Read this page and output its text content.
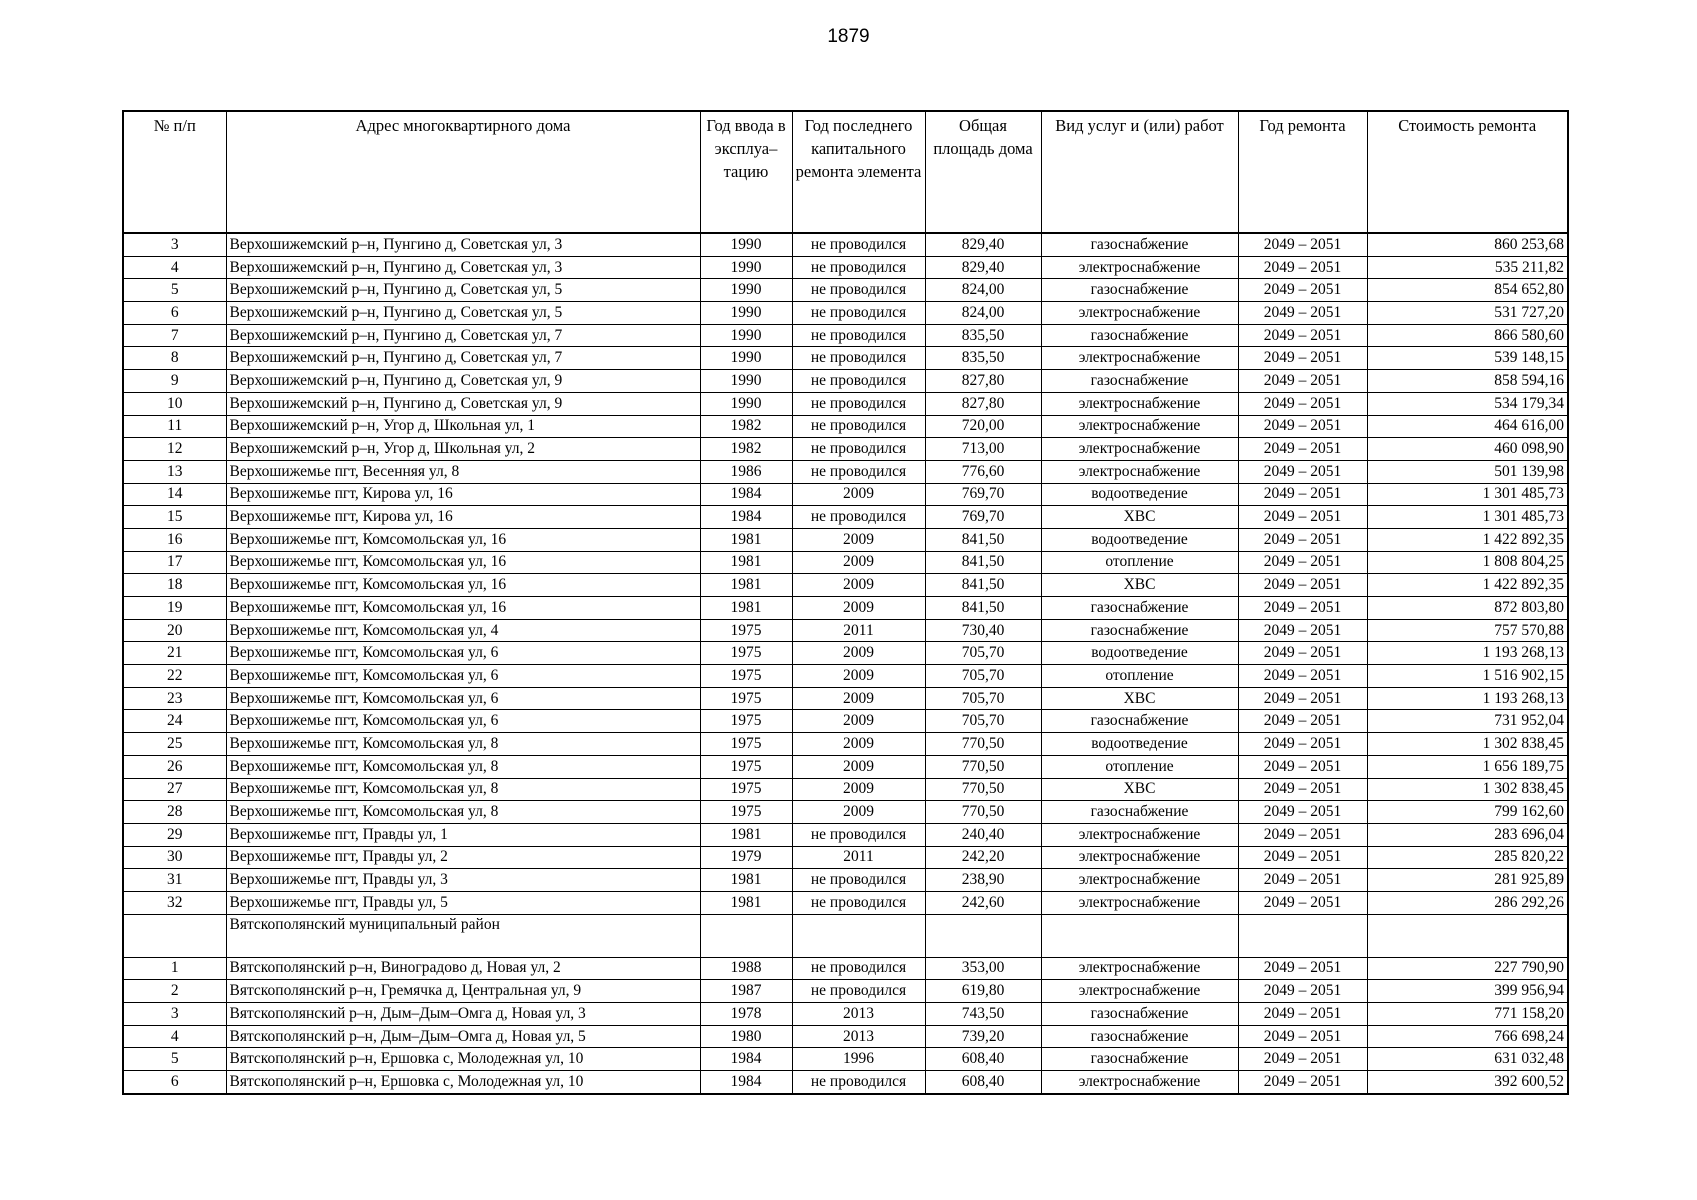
1879
№ п/п	Адрес многоквартирного дома	Год ввода в эксплуа–тацию	Год последнего капитального ремонта элемента	Общая площадь дома	Вид услуг и (или) работ	Год ремонта	Стоимость ремонта
3	Верхошижемский р–н, Пунгино д, Советская ул, 3	1990	не проводился	829,40	газоснабжение	2049 – 2051	860 253,68
4	Верхошижемский р–н, Пунгино д, Советская ул, 3	1990	не проводился	829,40	электроснабжение	2049 – 2051	535 211,82
5	Верхошижемский р–н, Пунгино д, Советская ул, 5	1990	не проводился	824,00	газоснабжение	2049 – 2051	854 652,80
6	Верхошижемский р–н, Пунгино д, Советская ул, 5	1990	не проводился	824,00	электроснабжение	2049 – 2051	531 727,20
7	Верхошижемский р–н, Пунгино д, Советская ул, 7	1990	не проводился	835,50	газоснабжение	2049 – 2051	866 580,60
8	Верхошижемский р–н, Пунгино д, Советская ул, 7	1990	не проводился	835,50	электроснабжение	2049 – 2051	539 148,15
9	Верхошижемский р–н, Пунгино д, Советская ул, 9	1990	не проводился	827,80	газоснабжение	2049 – 2051	858 594,16
10	Верхошижемский р–н, Пунгино д, Советская ул, 9	1990	не проводился	827,80	электроснабжение	2049 – 2051	534 179,34
11	Верхошижемский р–н, Угор д, Школьная ул, 1	1982	не проводился	720,00	электроснабжение	2049 – 2051	464 616,00
12	Верхошижемский р–н, Угор д, Школьная ул, 2	1982	не проводился	713,00	электроснабжение	2049 – 2051	460 098,90
13	Верхошижемье пгт, Весенняя ул, 8	1986	не проводился	776,60	электроснабжение	2049 – 2051	501 139,98
14	Верхошижемье пгт, Кирова ул, 16	1984	2009	769,70	водоотведение	2049 – 2051	1 301 485,73
15	Верхошижемье пгт, Кирова ул, 16	1984	не проводился	769,70	ХВС	2049 – 2051	1 301 485,73
16	Верхошижемье пгт, Комсомольская ул, 16	1981	2009	841,50	водоотведение	2049 – 2051	1 422 892,35
17	Верхошижемье пгт, Комсомольская ул, 16	1981	2009	841,50	отопление	2049 – 2051	1 808 804,25
18	Верхошижемье пгт, Комсомольская ул, 16	1981	2009	841,50	ХВС	2049 – 2051	1 422 892,35
19	Верхошижемье пгт, Комсомольская ул, 16	1981	2009	841,50	газоснабжение	2049 – 2051	872 803,80
20	Верхошижемье пгт, Комсомольская ул, 4	1975	2011	730,40	газоснабжение	2049 – 2051	757 570,88
21	Верхошижемье пгт, Комсомольская ул, 6	1975	2009	705,70	водоотведение	2049 – 2051	1 193 268,13
22	Верхошижемье пгт, Комсомольская ул, 6	1975	2009	705,70	отопление	2049 – 2051	1 516 902,15
23	Верхошижемье пгт, Комсомольская ул, 6	1975	2009	705,70	ХВС	2049 – 2051	1 193 268,13
24	Верхошижемье пгт, Комсомольская ул, 6	1975	2009	705,70	газоснабжение	2049 – 2051	731 952,04
25	Верхошижемье пгт, Комсомольская ул, 8	1975	2009	770,50	водоотведение	2049 – 2051	1 302 838,45
26	Верхошижемье пгт, Комсомольская ул, 8	1975	2009	770,50	отопление	2049 – 2051	1 656 189,75
27	Верхошижемье пгт, Комсомольская ул, 8	1975	2009	770,50	ХВС	2049 – 2051	1 302 838,45
28	Верхошижемье пгт, Комсомольская ул, 8	1975	2009	770,50	газоснабжение	2049 – 2051	799 162,60
29	Верхошижемье пгт, Правды ул, 1	1981	не проводился	240,40	электроснабжение	2049 – 2051	283 696,04
30	Верхошижемье пгт, Правды ул, 2	1979	2011	242,20	электроснабжение	2049 – 2051	285 820,22
31	Верхошижемье пгт, Правды ул, 3	1981	не проводился	238,90	электроснабжение	2049 – 2051	281 925,89
32	Верхошижемье пгт, Правды ул, 5	1981	не проводился	242,60	электроснабжение	2049 – 2051	286 292,26
	Вятскополянский муниципальный район						
1	Вятскополянский р–н, Виноградово д, Новая ул, 2	1988	не проводился	353,00	электроснабжение	2049 – 2051	227 790,90
2	Вятскополянский р–н, Гремячка д, Центральная ул, 9	1987	не проводился	619,80	электроснабжение	2049 – 2051	399 956,94
3	Вятскополянский р–н, Дым–Дым–Омга д, Новая ул, 3	1978	2013	743,50	газоснабжение	2049 – 2051	771 158,20
4	Вятскополянский р–н, Дым–Дым–Омга д, Новая ул, 5	1980	2013	739,20	газоснабжение	2049 – 2051	766 698,24
5	Вятскополянский р–н, Ершовка с, Молодежная ул, 10	1984	1996	608,40	газоснабжение	2049 – 2051	631 032,48
6	Вятскополянский р–н, Ершовка с, Молодежная ул, 10	1984	не проводился	608,40	электроснабжение	2049 – 2051	392 600,52
